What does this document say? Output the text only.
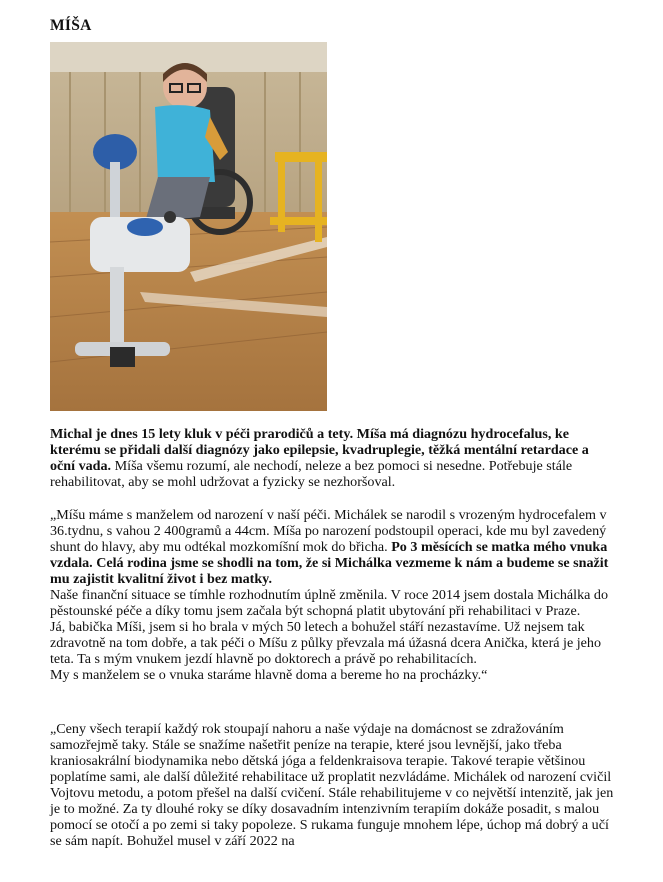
MÍŠA

Michal je dnes 15 lety kluk v péči prarodičů a tety. Míša má diagnózu hydrocefalus, ke kterému se přidali další diagnózy jako epilepsie, kvadruplegie, těžká mentální retardace a oční vada. Míša všemu rozumí, ale nechodí, neleze a bez pomoci si nesedne. Potřebuje stále rehabilitovat, aby se mohl udržovat a fyzicky se nezhoršoval.

„Míšu máme s manželem od narození v naší péči. Michálek se narodil s vrozeným hydrocefalem v 36.tydnu, s vahou 2 400gramů a 44cm. Míša po narození podstoupil operaci, kde mu byl zavedený shunt do hlavy, aby mu odtékal mozkomíšní mok do břicha. Po 3 měsících se matka mého vnuka vzdala. Celá rodina jsme se shodli na tom, že si Michálka vezmeme k nám a budeme se snažit mu zajistit kvalitní život i bez matky.

Naše finanční situace se tímhle rozhodnutím úplně změnila. V roce 2014 jsem dostala Michálka do pěstounské péče a díky tomu jsem začala být schopná platit ubytování při rehabilitaci v Praze.

Já, babička Míši, jsem si ho brala v mých 50 letech a bohužel stáří nezastavíme. Už nejsem tak zdravotně na tom dobře, a tak péči o Míšu z půlky převzala má úžasná dcera Anička, která je jeho teta. Ta s mým vnukem jezdí hlavně po doktorech a právě po rehabilitacích.

My s manželem se o vnuka staráme hlavně doma a bereme ho na procházky.“

„Ceny všech terapií každý rok stoupají nahoru a naše výdaje na domácnost se zdražováním samozřejmě taky. Stále se snažíme našetřit peníze na terapie, které jsou levnější, jako třeba kraniosakrální biodynamika nebo dětská jóga a feldenkraisova terapie. Takové terapie většinou poplatíme sami, ale další důležité rehabilitace už proplatit nezvládáme. Michálek od narození cvičil Vojtovu metodu, a potom přešel na další cvičení. Stále rehabilitujeme v co největší intenzitě, jak jen je to možné. Za ty dlouhé roky se díky dosavadním intenzivním terapiím dokáže posadit, s malou pomocí se otočí a po zemi si taky popoleze. S rukama funguje mnohem lépe, úchop má dobrý a učí se sám napít. Bohužel musel v září 2022 na
